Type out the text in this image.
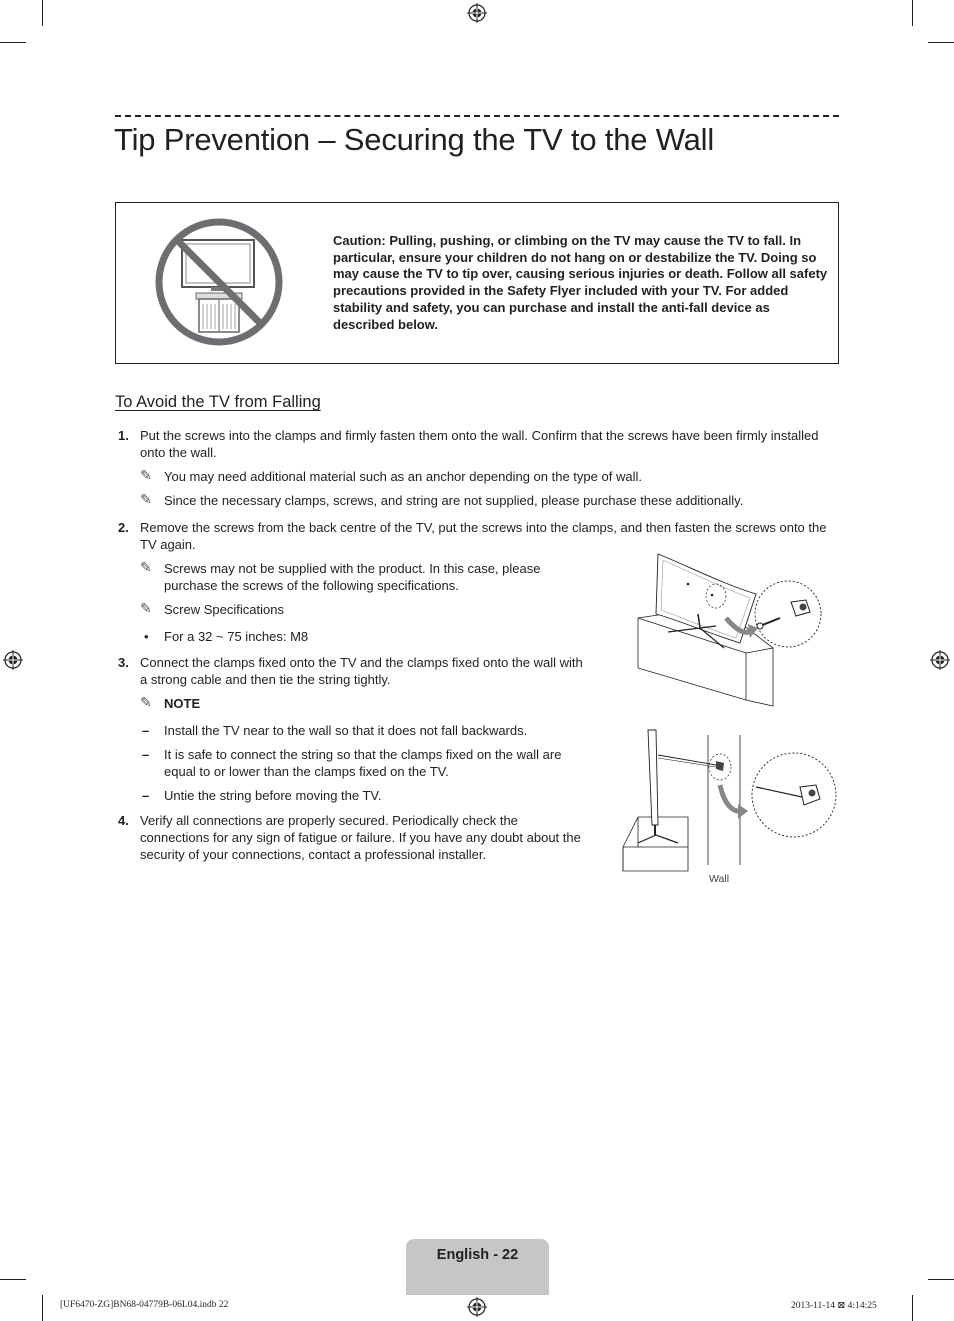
Tip Prevention – Securing the TV to the Wall
Caution: Pulling, pushing, or climbing on the TV may cause the TV to fall. In particular, ensure your children do not hang on or destabilize the TV. Doing so may cause the TV to tip over, causing serious injuries or death. Follow all safety precautions provided in the Safety Flyer included with your TV. For added stability and safety, you can purchase and install the anti-fall device as described below.
To Avoid the TV from Falling
1. Put the screws into the clamps and firmly fasten them onto the wall. Confirm that the screws have been firmly installed onto the wall.
✎ You may need additional material such as an anchor depending on the type of wall.
✎ Since the necessary clamps, screws, and string are not supplied, please purchase these additionally.
2. Remove the screws from the back centre of the TV, put the screws into the clamps, and then fasten the screws onto the TV again.
✎ Screws may not be supplied with the product. In this case, please purchase the screws of the following specifications.
✎ Screw Specifications
• For a 32 ~ 75 inches: M8
3. Connect the clamps fixed onto the TV and the clamps fixed onto the wall with a strong cable and then tie the string tightly.
✎ NOTE
– Install the TV near to the wall so that it does not fall backwards.
– It is safe to connect the string so that the clamps fixed on the wall are equal to or lower than the clamps fixed on the TV.
– Untie the string before moving the TV.
4. Verify all connections are properly secured. Periodically check the connections for any sign of fatigue or failure. If you have any doubt about the security of your connections, contact a professional installer.
Wall
English - 22
[UF6470-ZG]BN68-04779B-06L04.indb 22	2013-11-14 ⊠ 4:14:25
